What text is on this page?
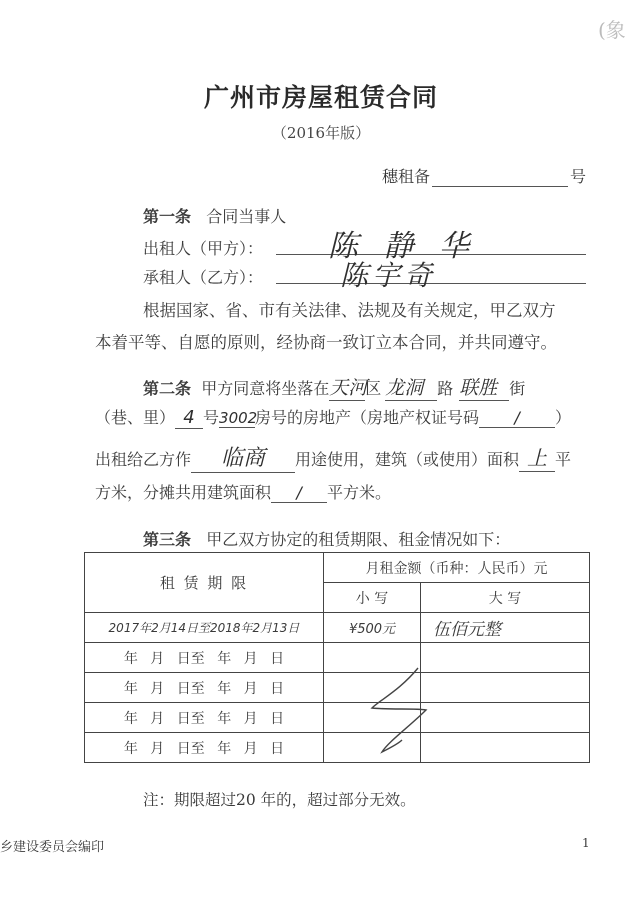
(象
广州市房屋租赁合同
（2016年版）
穗租备	号
第一条 合同当事人
出租人（甲方）： 陈 静 华
承租人（乙方）：	陈宇奇
根据国家、省、市有关法律、法规及有关规定，甲乙双方
本着平等、自愿的原则，经协商一致订立本合同，并共同遵守。
第二条 甲方同意将坐落在天河区 龙洞 路 联胜 街
（巷、里） 4 号3002房号的房地产（房地产权证号码 / ）
出租给乙方作 临商 用途使用，建筑（或使用）面积 上 平
方米，分摊共用建筑面积 / 平方米。
第三条 甲乙双方协定的租赁期限、租金情况如下：
租 赁 期 限	月租金额（币种：人民币）元	
	小 写	大 写
2017年2月14日至2018年2月13日	¥500元	伍佰元整
年 月 日至 年 月 日		
年 月 日至 年 月 日		
年 月 日至 年 月 日		
年 月 日至 年 月 日		
注：期限超过20 年的，超过部分无效。
乡建设委员会编印	1
